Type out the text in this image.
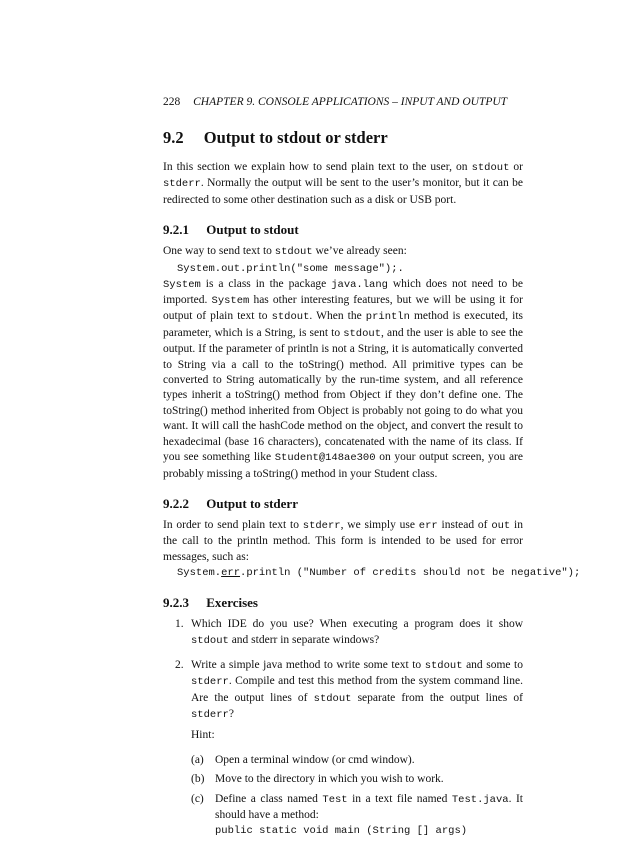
228 CHAPTER 9. CONSOLE APPLICATIONS – INPUT AND OUTPUT
9.2 Output to stdout or stderr

In this section we explain how to send plain text to the user, on stdout or stderr. Normally the output will be sent to the user’s monitor, but it can be redirected to some other destination such as a disk or USB port.

9.2.1 Output to stdout

One way to send text to stdout we’ve already seen:

System.out.println("some message");.

System is a class in the package java.lang which does not need to be imported. System has other interesting features, but we will be using it for output of plain text to stdout. When the println method is executed, its parameter, which is a String, is sent to stdout, and the user is able to see the output. If the parameter of println is not a String, it is automatically converted to String via a call to the toString() method. All primitive types can be converted to String automatically by the run-time system, and all reference types inherit a toString() method from Object if they don’t define one. The toString() method inherited from Object is probably not going to do what you want. It will call the hashCode method on the object, and convert the result to hexadecimal (base 16 characters), concatenated with the name of its class. If you see something like Student@148ae300 on your output screen, you are probably missing a toString() method in your Student class.

9.2.2 Output to stderr

In order to send plain text to stderr, we simply use err instead of out in the call to the println method. This form is intended to be used for error messages, such as:

System.err.println ("Number of credits should not be negative");
9.2.3 Exercises
1. Which IDE do you use? When executing a program does it show stdout and stderr in separate windows?

2. Write a simple java method to write some text to stdout and some to stderr. Compile and test this method from the system command line. Are the output lines of stdout separate from the output lines of stderr?

Hint:
(a) Open a terminal window (or cmd window).

(b) Move to the directory in which you wish to work.

(c) Define a class named Test in a text file named Test.java. It should have a method:

public static void main (String [] args)
